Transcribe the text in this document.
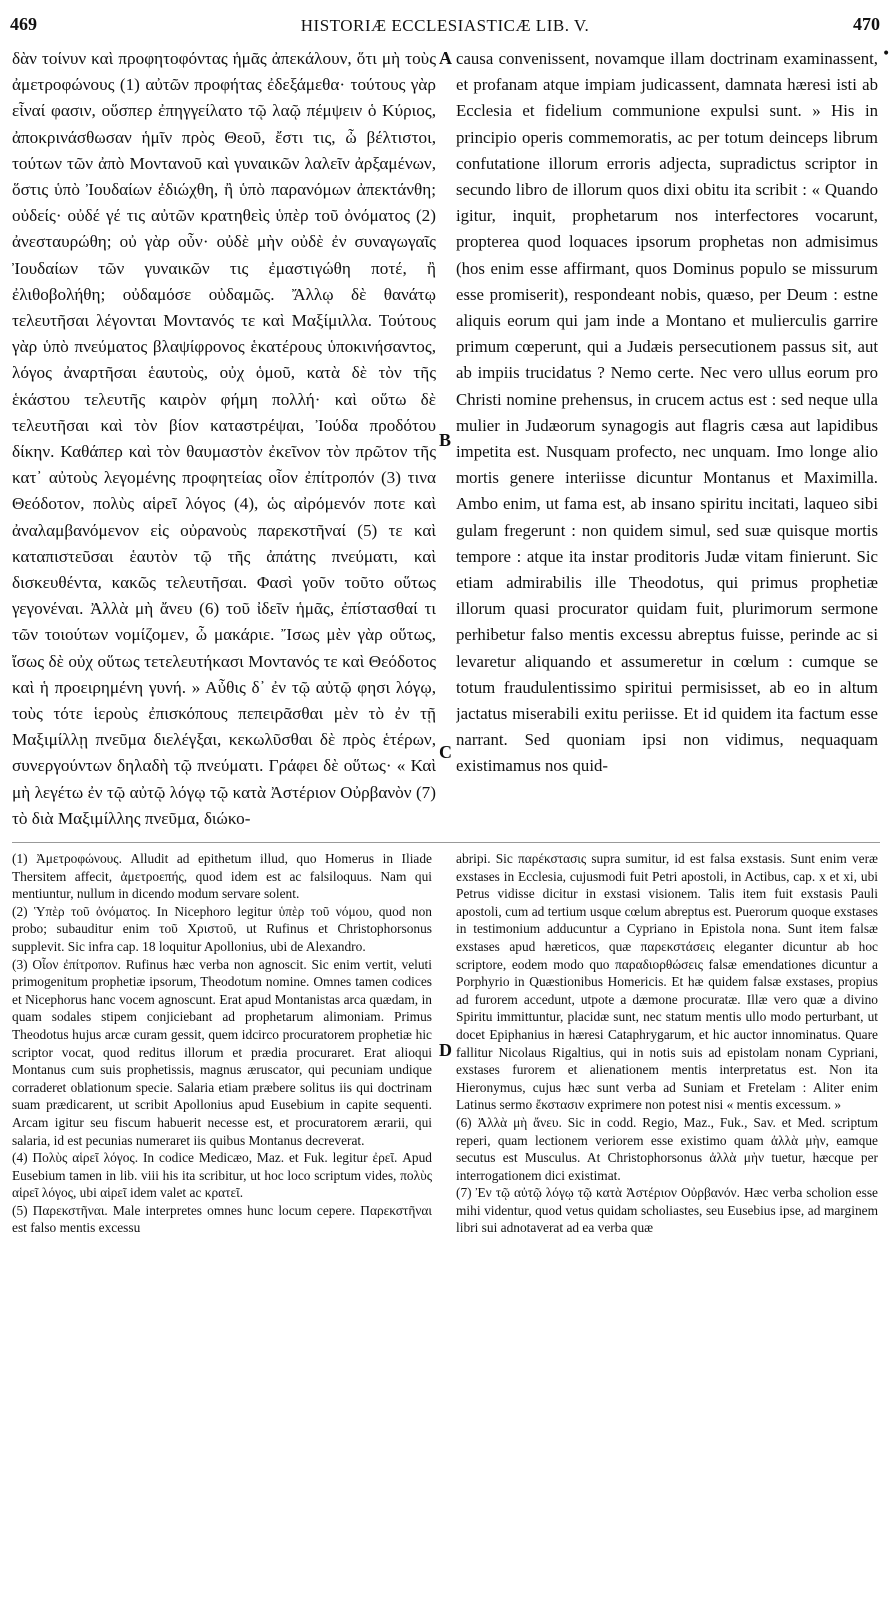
469	HISTORIÆ ECCLESIASTICÆ LIB. V.	470

δὰν τοίνυν καὶ προφητοφόντας ἡμᾶς ἀπεκάλουν, ὅτι μὴ τοὺς ἀμετροφώνους (1) αὐτῶν προφήτας ἐδεξάμεθα· τούτους γὰρ εἶναί φασιν, οὕσπερ ἐπηγγείλατο τῷ λαῷ πέμψειν ὁ Κύριος, ἀποκρινάσθωσαν ἡμῖν πρὸς Θεοῦ, ἔστι τις, ὦ βέλτιστοι, τούτων τῶν ἀπὸ Μοντανοῦ καὶ γυναικῶν λαλεῖν ἀρξαμένων, ὅστις ὑπὸ Ἰουδαίων ἐδιώχθη, ἢ ὑπὸ παρανόμων ἀπεκτάνθη; οὐδείς· οὐδέ γέ τις αὐτῶν κρατηθεὶς ὑπὲρ τοῦ ὀνόματος (2) ἀνεσταυρώθη; οὐ γὰρ οὖν· οὐδὲ μὴν οὐδὲ ἐν συναγωγαῖς Ἰουδαίων τῶν γυναικῶν τις ἐμαστιγώθη ποτέ, ἢ ἐλιθοβολήθη; οὐδαμόσε οὐδαμῶς. Ἄλλῳ δὲ θανάτῳ τελευτῆσαι λέγονται Μοντανός τε καὶ Μαξίμιλλα. Τούτους γὰρ ὑπὸ πνεύματος βλαψίφρονος ἑκατέρους ὑποκινήσαντος, λόγος ἀναρτῆσαι ἑαυτοὺς, οὐχ ὁμοῦ, κατὰ δὲ τὸν τῆς ἑκάστου τελευτῆς καιρὸν φήμη πολλή· καὶ οὕτω δὲ τελευτῆσαι καὶ τὸν βίον καταστρέψαι, Ἰούδα προδότου δίκην. Καθάπερ καὶ τὸν θαυμαστὸν ἐκεῖνον τὸν πρῶτον τῆς κατ᾽ αὐτοὺς λεγομένης προφητείας οἷον ἐπίτροπόν (3) τινα Θεόδοτον, πολὺς αἱρεῖ λόγος (4), ὡς αἰρόμενόν ποτε καὶ ἀναλαμβανόμενον εἰς οὐρανοὺς παρεκστῆναί (5) τε καὶ καταπιστεῦσαι ἑαυτὸν τῷ τῆς ἀπάτης πνεύματι, καὶ δισκευθέντα, κακῶς τελευτῆσαι. Φασὶ γοῦν τοῦτο οὕτως γεγονέναι. Ἀλλὰ μὴ ἄνευ (6) τοῦ ἰδεῖν ἡμᾶς, ἐπίστασθαί τι τῶν τοιούτων νομίζομεν, ὦ μακάριε. Ἴσως μὲν γὰρ οὕτως, ἴσως δὲ οὐχ οὕτως τετελευτήκασι Μοντανός τε καὶ Θεόδοτος καὶ ἡ προειρημένη γυνή. » Αὖθις δ᾽ ἐν τῷ αὐτῷ φησι λόγῳ, τοὺς τότε ἱεροὺς ἐπισκόπους πεπειρᾶσθαι μὲν τὸ ἐν τῇ Μαξιμίλλῃ πνεῦμα διελέγξαι, κεκωλῦσθαι δὲ πρὸς ἑτέρων, συνεργούντων δηλαδὴ τῷ πνεύματι. Γράφει δὲ οὕτως· « Καὶ μὴ λεγέτω ἐν τῷ αὐτῷ λόγῳ τῷ κατὰ Ἀστέριον Οὐρβανὸν (7) τὸ διὰ Μαξιμίλλης πνεῦμα, διώκο-

A
B
C
D
•

causa convenissent, novamque illam doctrinam examinassent, et profanam atque impiam judicassent, damnata hæresi isti ab Ecclesia et fidelium communione expulsi sunt. » His in principio operis commemoratis, ac per totum deinceps librum confutatione illorum erroris adjecta, supradictus scriptor in secundo libro de illorum quos dixi obitu ita scribit : « Quando igitur, inquit, prophetarum nos interfectores vocarunt, propterea quod loquaces ipsorum prophetas non admisimus (hos enim esse affirmant, quos Dominus populo se missurum esse promiserit), respondeant nobis, quæso, per Deum : estne aliquis eorum qui jam inde a Montano et mulierculis garrire primum cœperunt, qui a Judæis persecutionem passus sit, aut ab impiis trucidatus ? Nemo certe. Nec vero ullus eorum pro Christi nomine prehensus, in crucem actus est : sed neque ulla mulier in Judæorum synagogis aut flagris cæsa aut lapidibus impetita est. Nusquam profecto, nec unquam. Imo longe alio mortis genere interiisse dicuntur Montanus et Maximilla. Ambo enim, ut fama est, ab insano spiritu incitati, laqueo sibi gulam fregerunt : non quidem simul, sed suæ quisque mortis tempore : atque ita instar proditoris Judæ vitam finierunt. Sic etiam admirabilis ille Theodotus, qui primus prophetiæ illorum quasi procurator quidam fuit, plurimorum sermone perhibetur falso mentis excessu abreptus fuisse, perinde ac si levaretur aliquando et assumeretur in cœlum : cumque se totum fraudulentissimo spiritui permisisset, ab eo in altum jactatus miserabili exitu periisse. Et id quidem ita factum esse narrant. Sed quoniam ipsi non vidimus, nequaquam existimamus nos quid-

(1) Ἀμετροφώνους. Alludit ad epithetum illud, quo Homerus in Iliade Thersitem affecit, ἀμετροεπής, quod idem est ac falsiloquus. Nam qui mentiuntur, nullum in dicendo modum servare solent.

(2) Ὑπὲρ τοῦ ὀνόματος. In Nicephoro legitur ὑπὲρ τοῦ νόμου, quod non probo; subauditur enim τοῦ Χριστοῦ, ut Rufinus et Christophorsonus supplevit. Sic infra cap. 18 loquitur Apollonius, ubi de Alexandro.

(3) Οἷον ἐπίτροπον. Rufinus hæc verba non agnoscit. Sic enim vertit, veluti primogenitum prophetiæ ipsorum, Theodotum nomine. Omnes tamen codices et Nicephorus hanc vocem agnoscunt. Erat apud Montanistas arca quædam, in quam sodales stipem conjiciebant ad prophetarum alimoniam. Primus Theodotus hujus arcæ curam gessit, quem idcirco procuratorem prophetiæ hic scriptor vocat, quod reditus illorum et prædia procuraret. Erat alioqui Montanus cum suis prophetissis, magnus æruscator, qui pecuniam undique corraderet oblationum specie. Salaria etiam præbere solitus iis qui doctrinam suam prædicarent, ut scribit Apollonius apud Eusebium in capite sequenti. Arcam igitur seu fiscum habuerit necesse est, et procuratorem ærarii, qui salaria, id est pecunias numeraret iis quibus Montanus decreverat.

(4) Πολὺς αἱρεῖ λόγος. In codice Medicæo, Maz. et Fuk. legitur ἐρεῖ. Apud Eusebium tamen in lib. viii his ita scribitur, ut hoc loco scriptum vides, πολὺς αἱρεῖ λόγος, ubi αἱρεῖ idem valet ac κρατεῖ.

(5) Παρεκστῆναι. Male interpretes omnes hunc locum cepere. Παρεκστῆναι est falso mentis excessu

abripi. Sic παρέκστασις supra sumitur, id est falsa exstasis. Sunt enim veræ exstases in Ecclesia, cujusmodi fuit Petri apostoli, in Actibus, cap. x et xi, ubi Petrus vidisse dicitur in exstasi visionem. Talis item fuit exstasis Pauli apostoli, cum ad tertium usque cœlum abreptus est. Puerorum quoque exstases in testimonium adducuntur a Cypriano in Epistola nona. Sunt item falsæ exstases apud hæreticos, quæ παρεκστάσεις eleganter dicuntur ab hoc scriptore, eodem modo quo παραδιορθώσεις falsæ emendationes dicuntur a Porphyrio in Quæstionibus Homericis. Et hæ quidem falsæ exstases, propius ad furorem accedunt, utpote a dæmone procuratæ. Illæ vero quæ a divino Spiritu immittuntur, placidæ sunt, nec statum mentis ullo modo perturbant, ut docet Epiphanius in hæresi Cataphrygarum, et hic auctor innominatus. Quare fallitur Nicolaus Rigaltius, qui in notis suis ad epistolam nonam Cypriani, exstases furorem et alienationem mentis interpretatus est. Non ita Hieronymus, cujus hæc sunt verba ad Suniam et Fretelam : Aliter enim Latinus sermo ἔκστασιν exprimere non potest nisi « mentis excessum. »

(6) Ἀλλὰ μὴ ἄνευ. Sic in codd. Regio, Maz., Fuk., Sav. et Med. scriptum reperi, quam lectionem veriorem esse existimo quam ἀλλὰ μὴν, eamque secutus est Musculus. At Christophorsonus ἀλλὰ μὴν tuetur, hæcque per interrogationem dici existimat.

(7) Ἐν τῷ αὐτῷ λόγῳ τῷ κατὰ Ἀστέριον Οὐρβανόν. Hæc verba scholion esse mihi videntur, quod vetus quidam scholiastes, seu Eusebius ipse, ad marginem libri sui adnotaverat ad ea verba quæ
